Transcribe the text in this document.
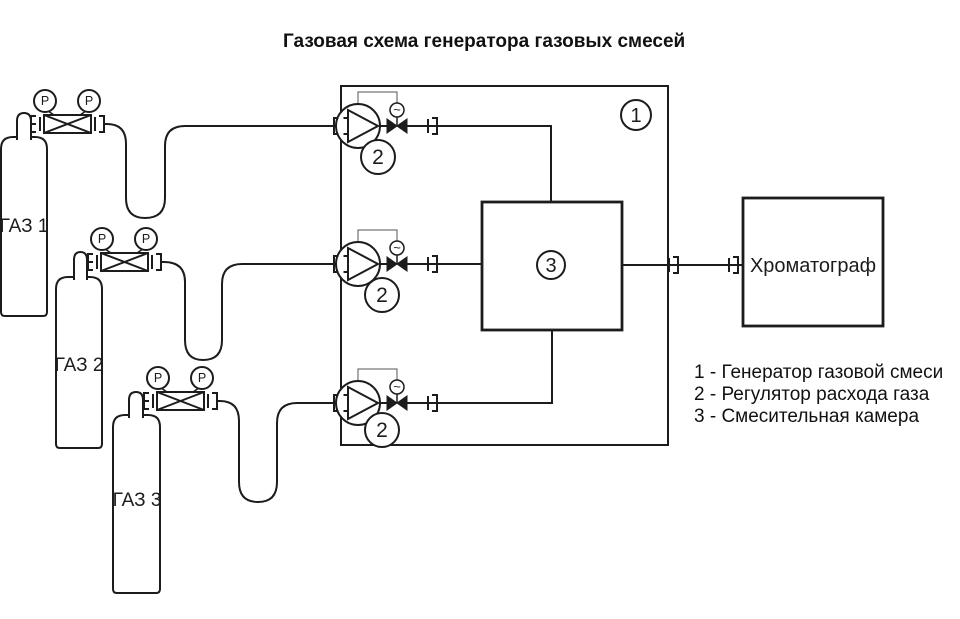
ГАЗ 1
ГАЗ 2
ГАЗ 3
Хроматограф
1
2
2
2
3
P	P
P	P
P	P
~
~
~
Газовая схема генератора газовых смесей
1 - Генератор газовой смеси
2 - Регулятор расхода газа
3 - Смесительная камера
